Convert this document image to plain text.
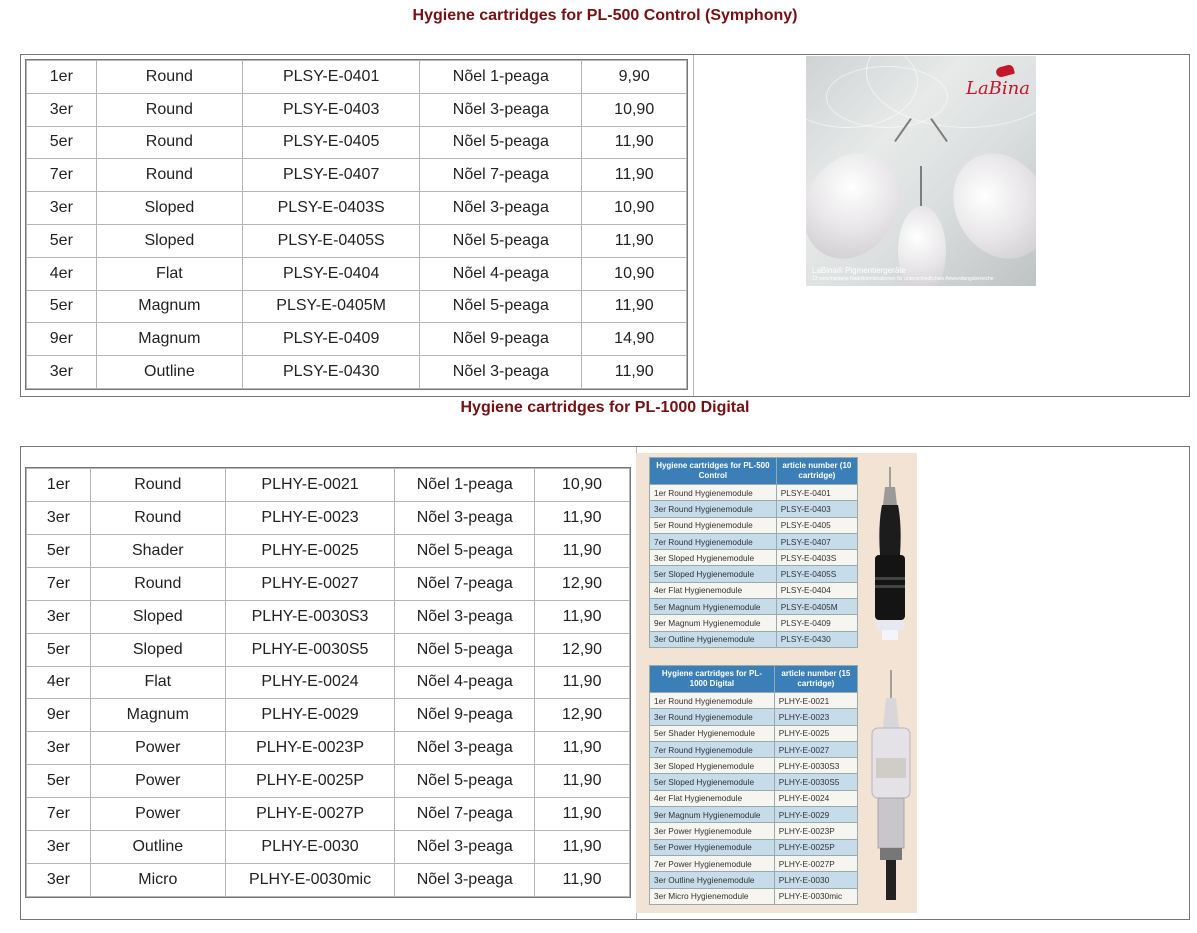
Hygiene cartridges for PL-500 Control (Symphony)
1er	Round	PLSY-E-0401	Nõel 1-peaga	9,90
3er	Round	PLSY-E-0403	Nõel 3-peaga	10,90
5er	Round	PLSY-E-0405	Nõel 5-peaga	11,90
7er	Round	PLSY-E-0407	Nõel 7-peaga	11,90
3er	Sloped	PLSY-E-0403S	Nõel 3-peaga	10,90
5er	Sloped	PLSY-E-0405S	Nõel 5-peaga	11,90
4er	Flat	PLSY-E-0404	Nõel 4-peaga	10,90
5er	Magnum	PLSY-E-0405M	Nõel 5-peaga	11,90
9er	Magnum	PLSY-E-0409	Nõel 9-peaga	14,90
3er	Outline	PLSY-E-0430	Nõel 3-peaga	11,90
LaBina
LaBina® Pigmentiergeräte
13 verschiedene Nadelkombinationen für unterschiedlichste Anwendungsbereiche
Hygiene cartridges for PL-1000 Digital
1er	Round	PLHY-E-0021	Nõel 1-peaga	10,90
3er	Round	PLHY-E-0023	Nõel 3-peaga	11,90
5er	Shader	PLHY-E-0025	Nõel 5-peaga	11,90
7er	Round	PLHY-E-0027	Nõel 7-peaga	12,90
3er	Sloped	PLHY-E-0030S3	Nõel 3-peaga	11,90
5er	Sloped	PLHY-E-0030S5	Nõel 5-peaga	12,90
4er	Flat	PLHY-E-0024	Nõel 4-peaga	11,90
9er	Magnum	PLHY-E-0029	Nõel 9-peaga	12,90
3er	Power	PLHY-E-0023P	Nõel 3-peaga	11,90
5er	Power	PLHY-E-0025P	Nõel 5-peaga	11,90
7er	Power	PLHY-E-0027P	Nõel 7-peaga	11,90
3er	Outline	PLHY-E-0030	Nõel 3-peaga	11,90
3er	Micro	PLHY-E-0030mic	Nõel 3-peaga	11,90
Hygiene cartridges for PL-500 Control	article number (10 cartridge)
1er Round Hygienemodule	PLSY-E-0401
3er Round Hygienemodule	PLSY-E-0403
5er Round Hygienemodule	PLSY-E-0405
7er Round Hygienemodule	PLSY-E-0407
3er Sloped Hygienemodule	PLSY-E-0403S
5er Sloped Hygienemodule	PLSY-E-0405S
4er Flat Hygienemodule	PLSY-E-0404
5er Magnum Hygienemodule	PLSY-E-0405M
9er Magnum Hygienemodule	PLSY-E-0409
3er Outline Hygienemodule	PLSY-E-0430
Hygiene cartridges for PL-1000 Digital	article number (15 cartridge)
1er Round Hygienemodule	PLHY-E-0021
3er Round Hygienemodule	PLHY-E-0023
5er Shader Hygienemodule	PLHY-E-0025
7er Round Hygienemodule	PLHY-E-0027
3er Sloped Hygienemodule	PLHY-E-0030S3
5er Sloped Hygienemodule	PLHY-E-0030S5
4er Flat Hygienemodule	PLHY-E-0024
9er Magnum Hygienemodule	PLHY-E-0029
3er Power Hygienemodule	PLHY-E-0023P
5er Power Hygienemodule	PLHY-E-0025P
7er Power Hygienemodule	PLHY-E-0027P
3er Outline Hygienemodule	PLHY-E-0030
3er Micro Hygienemodule	PLHY-E-0030mic
